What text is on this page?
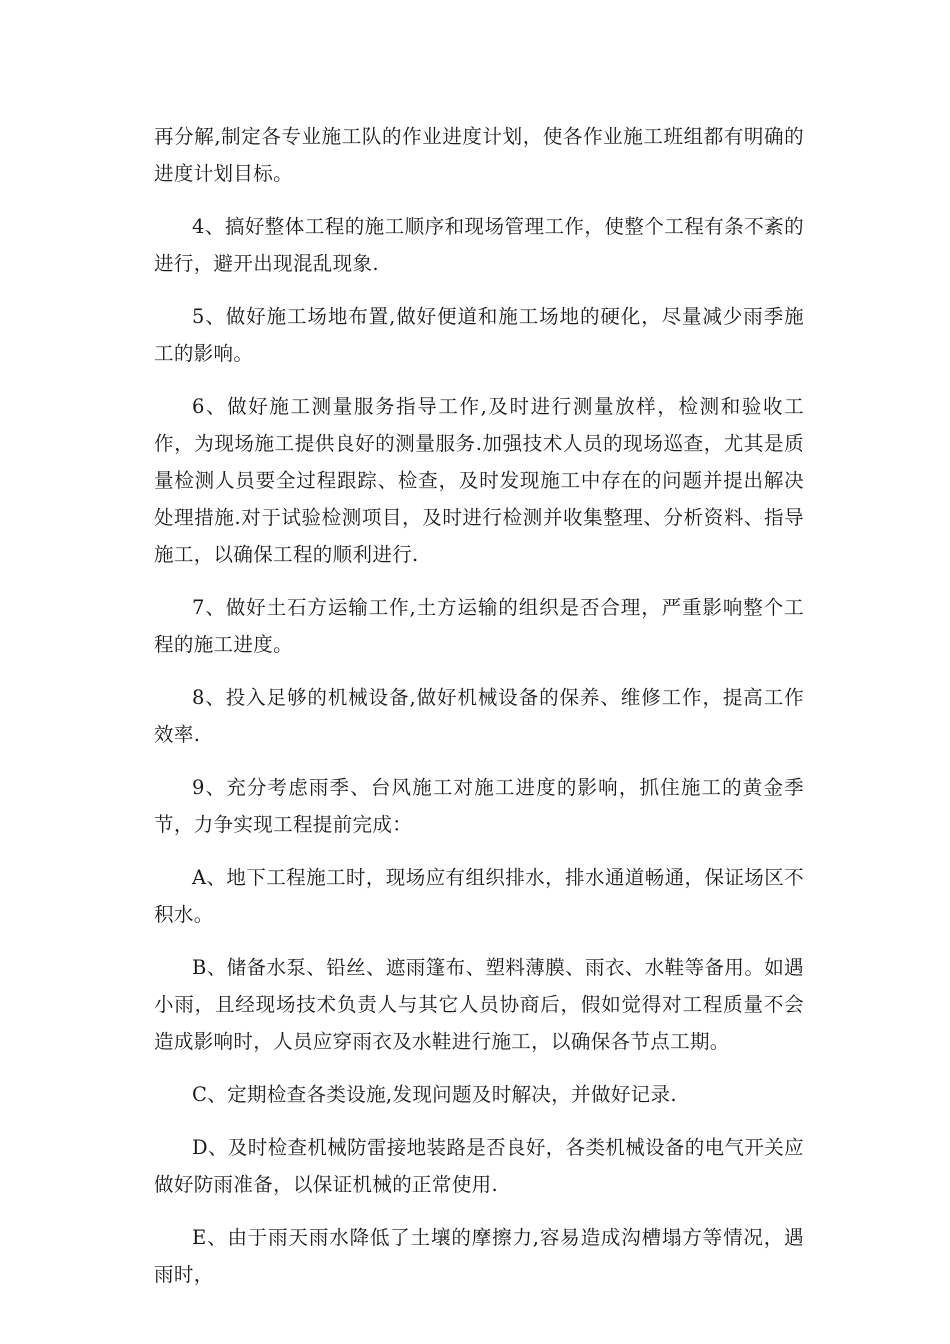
再分解,制定各专业施工队的作业进度计划，使各作业施工班组都有明确的进度计划目标。

4、搞好整体工程的施工顺序和现场管理工作，使整个工程有条不紊的进行，避开出现混乱现象.

5、做好施工场地布置,做好便道和施工场地的硬化，尽量减少雨季施工的影响。

6、做好施工测量服务指导工作,及时进行测量放样，检测和验收工作，为现场施工提供良好的测量服务.加强技术人员的现场巡查，尤其是质量检测人员要全过程跟踪、检查，及时发现施工中存在的问题并提出解决处理措施.对于试验检测项目，及时进行检测并收集整理、分析资料、指导施工，以确保工程的顺利进行.

7、做好土石方运输工作,土方运输的组织是否合理，严重影响整个工程的施工进度。

8、投入足够的机械设备,做好机械设备的保养、维修工作，提高工作效率.

9、充分考虑雨季、台风施工对施工进度的影响，抓住施工的黄金季节，力争实现工程提前完成：

A、地下工程施工时，现场应有组织排水，排水通道畅通，保证场区不积水。

B、储备水泵、铅丝、遮雨篷布、塑料薄膜、雨衣、水鞋等备用。如遇小雨，且经现场技术负责人与其它人员协商后，假如觉得对工程质量不会造成影响时，人员应穿雨衣及水鞋进行施工，以确保各节点工期。

C、定期检查各类设施,发现问题及时解决，并做好记录.

D、及时检查机械防雷接地装路是否良好，各类机械设备的电气开关应做好防雨准备，以保证机械的正常使用.

E、由于雨天雨水降低了土壤的摩擦力,容易造成沟槽塌方等情况，遇雨时，
